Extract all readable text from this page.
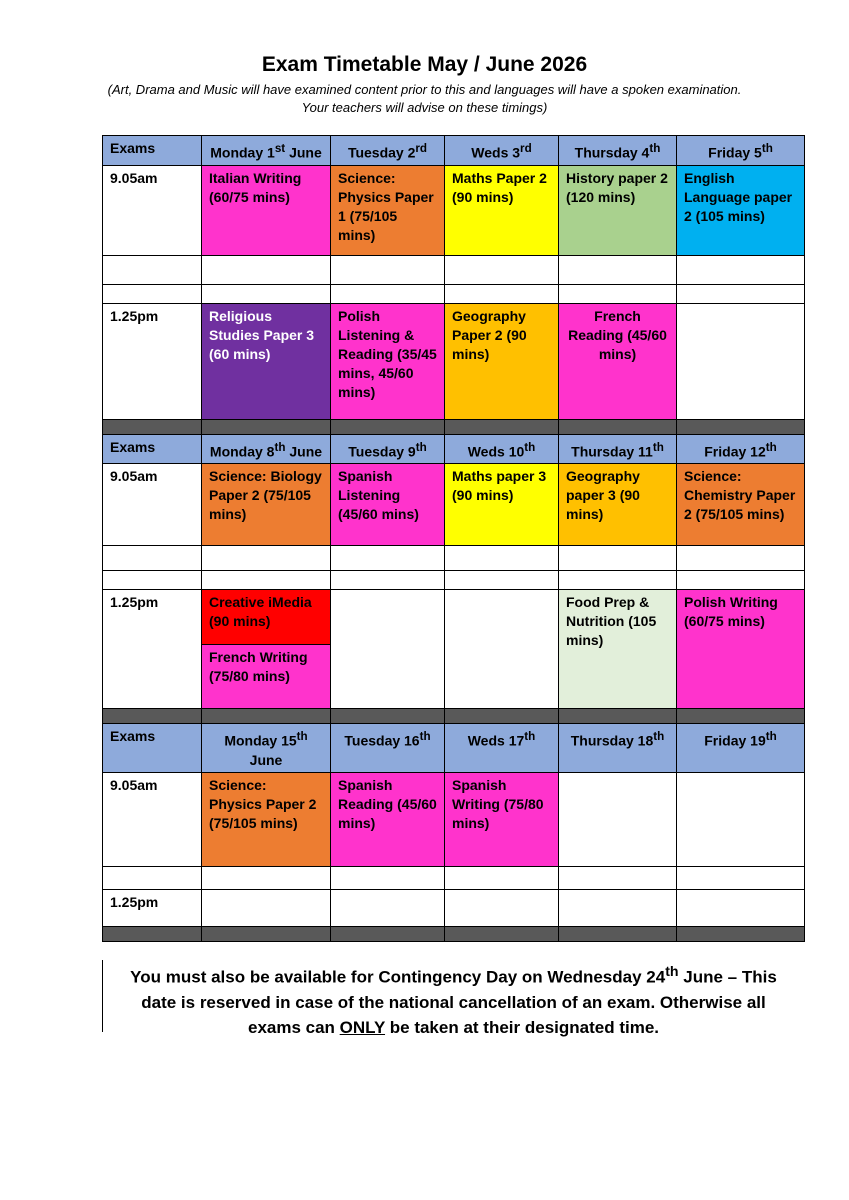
Exam Timetable May / June 2026
(Art, Drama and Music will have examined content prior to this and languages will have a spoken examination.
Your teachers will advise on these timings)
Exams	Monday 1st June	Tuesday 2rd	Weds 3rd	Thursday 4th	Friday 5th
9.05am	Italian Writing (60/75 mins)	Science: Physics Paper 1 (75/105 mins)	Maths Paper 2 (90 mins)	History paper 2 (120 mins)	English Language paper 2 (105 mins)

1.25pm	Religious Studies Paper 3 (60 mins)	Polish Listening & Reading (35/45 mins, 45/60 mins)	Geography Paper 2 (90 mins)	French Reading (45/60 mins)	

Exams	Monday 8th June	Tuesday 9th	Weds 10th	Thursday 11th	Friday 12th
9.05am	Science: Biology Paper 2 (75/105 mins)	Spanish Listening (45/60 mins)	Maths paper 3 (90 mins)	Geography paper 3 (90 mins)	Science: Chemistry Paper 2 (75/105 mins)

1.25pm	Creative iMedia (90 mins)
French Writing (75/80 mins)			Food Prep & Nutrition (105 mins)	Polish Writing (60/75 mins)

Exams	Monday 15th June	Tuesday 16th	Weds 17th	Thursday 18th	Friday 19th
9.05am	Science: Physics Paper 2 (75/105 mins)	Spanish Reading (45/60 mins)	Spanish Writing (75/80 mins)		

1.25pm					

You must also be available for Contingency Day on Wednesday 24th June – This date is reserved in case of the national cancellation of an exam. Otherwise all exams can ONLY be taken at their designated time.
